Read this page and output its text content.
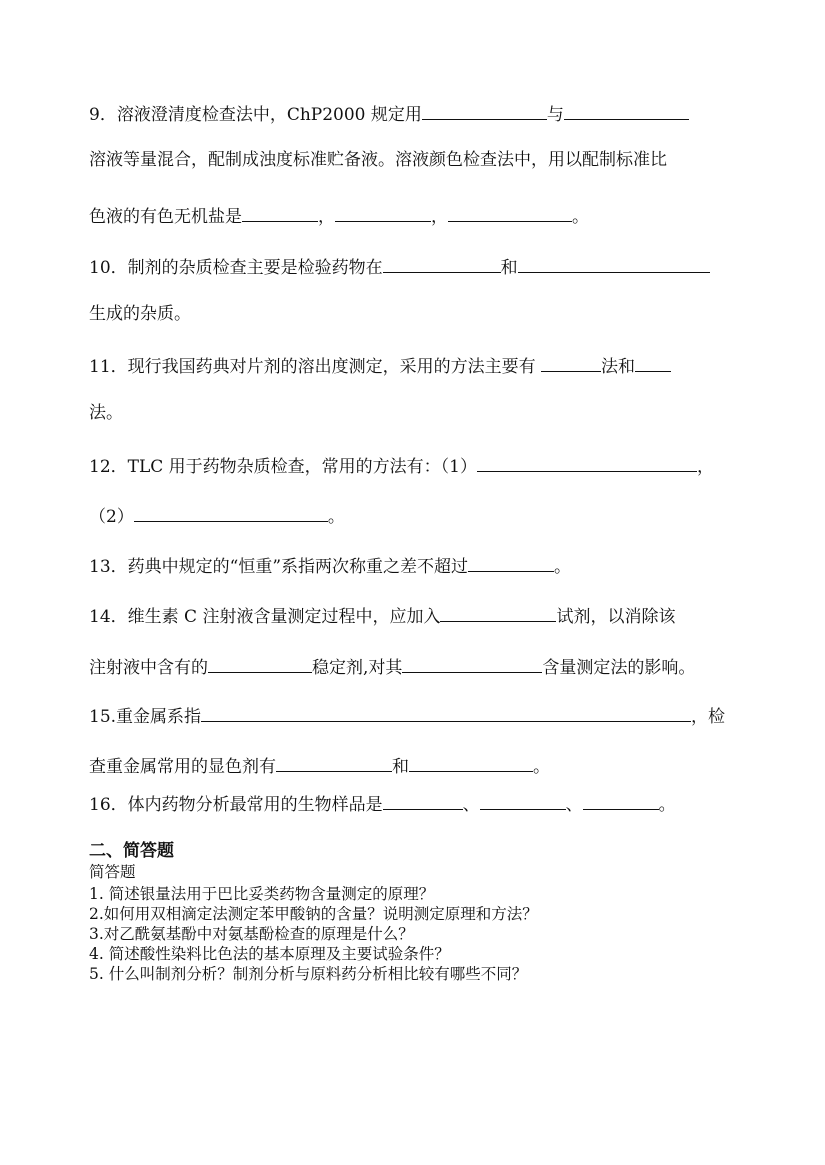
9．溶液澄清度检查法中，ChP2000 规定用	与
溶液等量混合，配制成浊度标准贮备液。溶液颜色检查法中，用以配制标准比
色液的有色无机盐是	，	，	。
10．制剂的杂质检查主要是检验药物在	和
生成的杂质。
11．现行我国药典对片剂的溶出度测定，采用的方法主要有	法和
法。
12．TLC 用于药物杂质检查，常用的方法有：（1）	，
（2）	。
13．药典中规定的“恒重”系指两次称重之差不超过	。
14．维生素 C 注射液含量测定过程中，应加入	试剂，以消除该
注射液中含有的	稳定剂,对其	含量测定法的影响。
15.重金属系指	，检
查重金属常用的显色剂有	和	。
16．体内药物分析最常用的生物样品是	、	、	。
二、简答题
简答题
1. 简述银量法用于巴比妥类药物含量测定的原理？
2.如何用双相滴定法测定苯甲酸钠的含量？说明测定原理和方法？
3.对乙酰氨基酚中对氨基酚检查的原理是什么？
4. 简述酸性染料比色法的基本原理及主要试验条件？
5. 什么叫制剂分析？制剂分析与原料药分析相比较有哪些不同？
